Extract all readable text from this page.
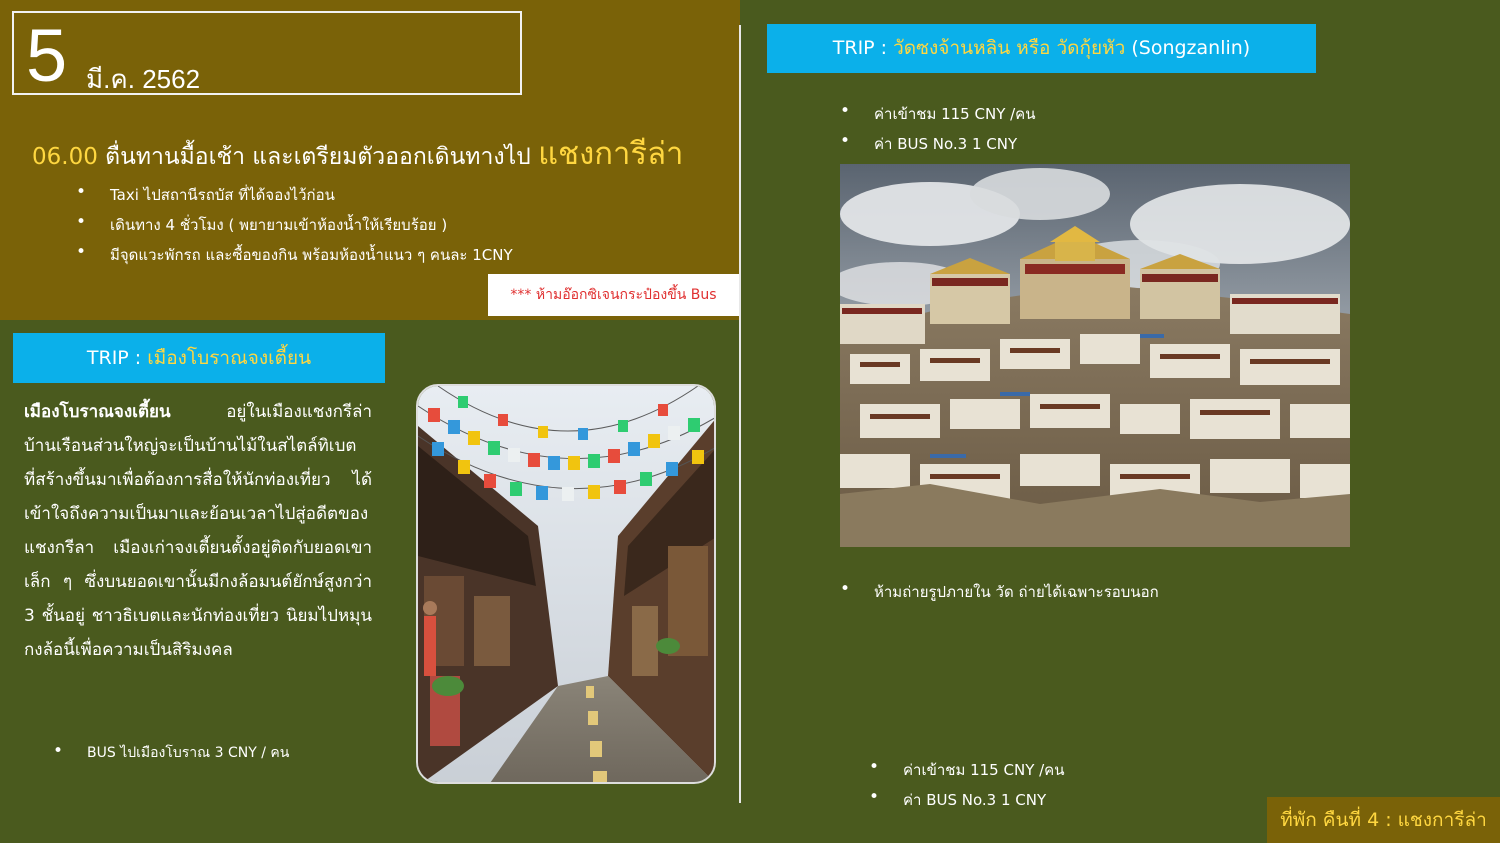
5 มี.ค. 2562
06.00 ตื่นทานมื้อเช้า และเตรียมตัวออกเดินทางไป แชงการีล่า
• Taxi ไปสถานีรถบัส ที่ได้จองไว้ก่อน
• เดินทาง 4 ชั่วโมง ( พยายามเข้าห้องน้ำให้เรียบร้อย )
• มีจุดแวะพักรถ และซื้อของกิน พร้อมห้องน้ำแนว ๆ คนละ 1CNY
*** ห้ามอ๊อกซิเจนกระป๋องขึ้น Bus
TRIP : เมืองโบราณจงเตี้ยน

เมืองโบราณจงเตี้ยน	อยู่ในเมืองแชงกรีล่า บ้านเรือนส่วนใหญ่จะเป็นบ้านไม้ในสไตล์ทิเบต ที่สร้างขึ้นมาเพื่อต้องการสื่อให้นักท่องเที่ยว ได้เข้าใจถึงความเป็นมาและย้อนเวลาไปสู่อดีตของแชงกรีลา เมืองเก่าจงเตี้ยนตั้งอยู่ติดกับยอดเขาเล็ก ๆ ซึ่งบนยอดเขานั้นมีกงล้อมนต์ยักษ์สูงกว่า 3 ชั้นอยู่ ชาวธิเบตและนักท่องเที่ยว นิยมไปหมุนกงล้อนี้เพื่อความเป็นสิริมงคล

• BUS ไปเมืองโบราณ 3 CNY / คน
TRIP : วัดซงจ้านหลิน หรือ วัดกุ้ยหัว (Songzanlin)
• ค่าเข้าชม 115 CNY /คน
• ค่า BUS No.3 1 CNY
• ห้ามถ่ายรูปภายใน วัด ถ่ายได้เฉพาะรอบนอก
• ค่าเข้าชม 115 CNY /คน
• ค่า BUS No.3 1 CNY
ที่พัก คืนที่ 4 : แชงการีล่า
